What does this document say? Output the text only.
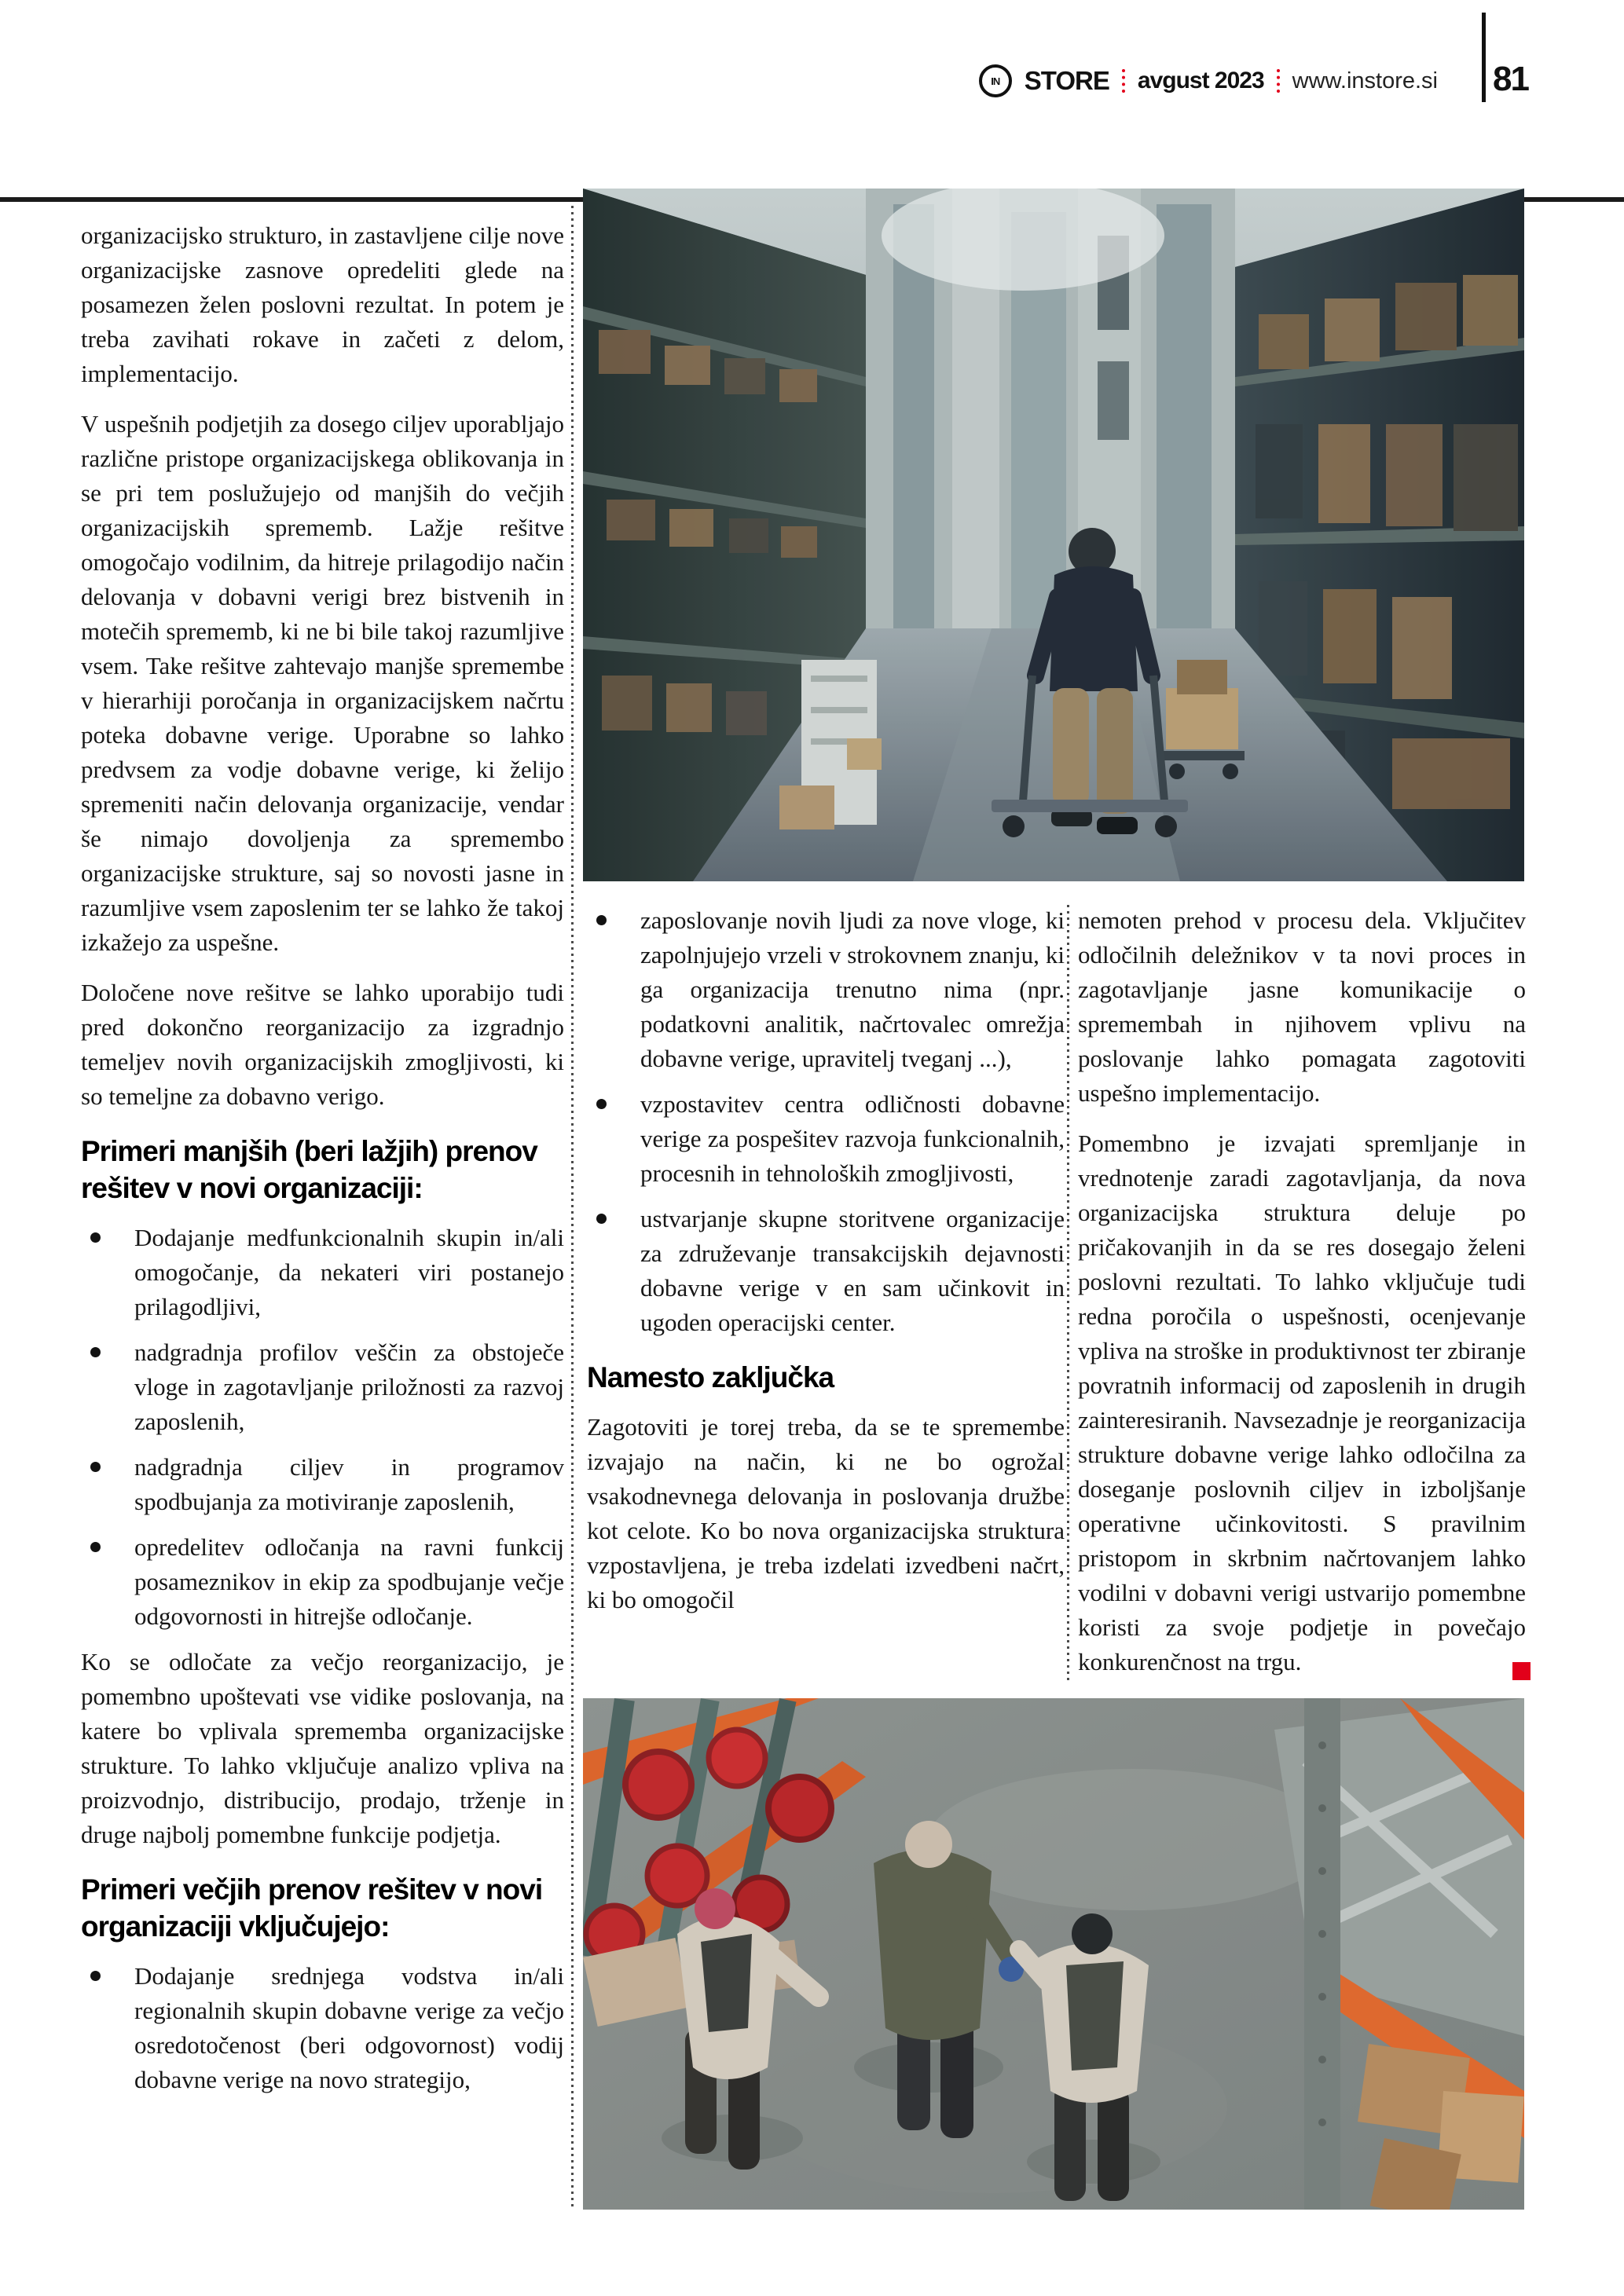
IN STORE avgust 2023 www.instore.si 81

organizacijsko strukturo, in zastavljene cilje nove organizacijske zasnove opredeliti glede na posamezen želen poslovni rezultat. In potem je treba zavihati rokave in začeti z delom, implementacijo.

V uspešnih podjetjih za dosego ciljev uporabljajo različne pristope organizacijskega oblikovanja in se pri tem poslužujejo od manjših do večjih organizacijskih sprememb. Lažje rešitve omogočajo vodilnim, da hitreje prilagodijo način delovanja v dobavni verigi brez bistvenih in motečih sprememb, ki ne bi bile takoj razumljive vsem. Take rešitve zahtevajo manjše spremembe v hierarhiji poročanja in organizacijskem načrtu poteka dobavne verige. Uporabne so lahko predvsem za vodje dobavne verige, ki želijo spremeniti način delovanja organizacije, vendar še nimajo dovoljenja za spremembo organizacijske strukture, saj so novosti jasne in razumljive vsem zaposlenim ter se lahko že takoj izkažejo za uspešne.

Določene nove rešitve se lahko uporabijo tudi pred dokončno reorganizacijo za izgradnjo temeljev novih organizacijskih zmogljivosti, ki so temeljne za dobavno verigo.

Primeri manjših (beri lažjih) prenov rešitev v novi organizaciji:
Dodajanje medfunkcionalnih skupin in/ali omogočanje, da nekateri viri postanejo prilagodljivi,
nadgradnja profilov veščin za obstoječe vloge in zagotavljanje priložnosti za razvoj zaposlenih,
nadgradnja ciljev in programov spodbujanja za motiviranje zaposlenih,
opredelitev odločanja na ravni funkcij posameznikov in ekip za spodbujanje večje odgovornosti in hitrejše odločanje.

Ko se odločate za večjo reorganizacijo, je pomembno upoštevati vse vidike poslovanja, na katere bo vplivala sprememba organizacijske strukture. To lahko vključuje analizo vpliva na proizvodnjo, distribucijo, prodajo, trženje in druge najbolj pomembne funkcije podjetja.

Primeri večjih prenov rešitev v novi organizaciji vključujejo:
Dodajanje srednjega vodstva in/ali regionalnih skupin dobavne verige za večjo osredotočenost (beri odgovornost) vodij dobavne verige na novo strategijo,
zaposlovanje novih ljudi za nove vloge, ki zapolnjujejo vrzeli v strokovnem znanju, ki ga organizacija trenutno nima (npr. podatkovni analitik, načrtovalec omrežja dobavne verige, upravitelj tveganj ...),
vzpostavitev centra odličnosti dobavne verige za pospešitev razvoja funkcionalnih, procesnih in tehnoloških zmogljivosti,
ustvarjanje skupne storitvene organizacije za združevanje transakcijskih dejavnosti dobavne verige v en sam učinkovit in ugoden operacijski center.
Namesto zaključka

Zagotoviti je torej treba, da se te spremembe izvajajo na način, ki ne bo ogrožal vsakodnevnega delovanja in poslovanja družbe kot celote. Ko bo nova organizacijska struktura vzpostavljena, je treba izdelati izvedbeni načrt, ki bo omogočil

nemoten prehod v procesu dela. Vključitev odločilnih deležnikov v ta novi proces in zagotavljanje jasne komunikacije o spremembah in njihovem vplivu na poslovanje lahko pomagata zagotoviti uspešno implementacijo.

Pomembno je izvajati spremljanje in vrednotenje zaradi zagotavljanja, da nova organizacijska struktura deluje po pričakovanjih in da se res dosegajo želeni poslovni rezultati. To lahko vključuje tudi redna poročila o uspešnosti, ocenjevanje vpliva na stroške in produktivnost ter zbiranje povratnih informacij od zaposlenih in drugih zainteresiranih. Navsezadnje je reorganizacija strukture dobavne verige lahko odločilna za doseganje poslovnih ciljev in izboljšanje operativne učinkovitosti. S pravilnim pristopom in skrbnim načrtovanjem lahko vodilni v dobavni verigi ustvarijo pomembne koristi za svoje podjetje in povečajo konkurenčnost na trgu.
